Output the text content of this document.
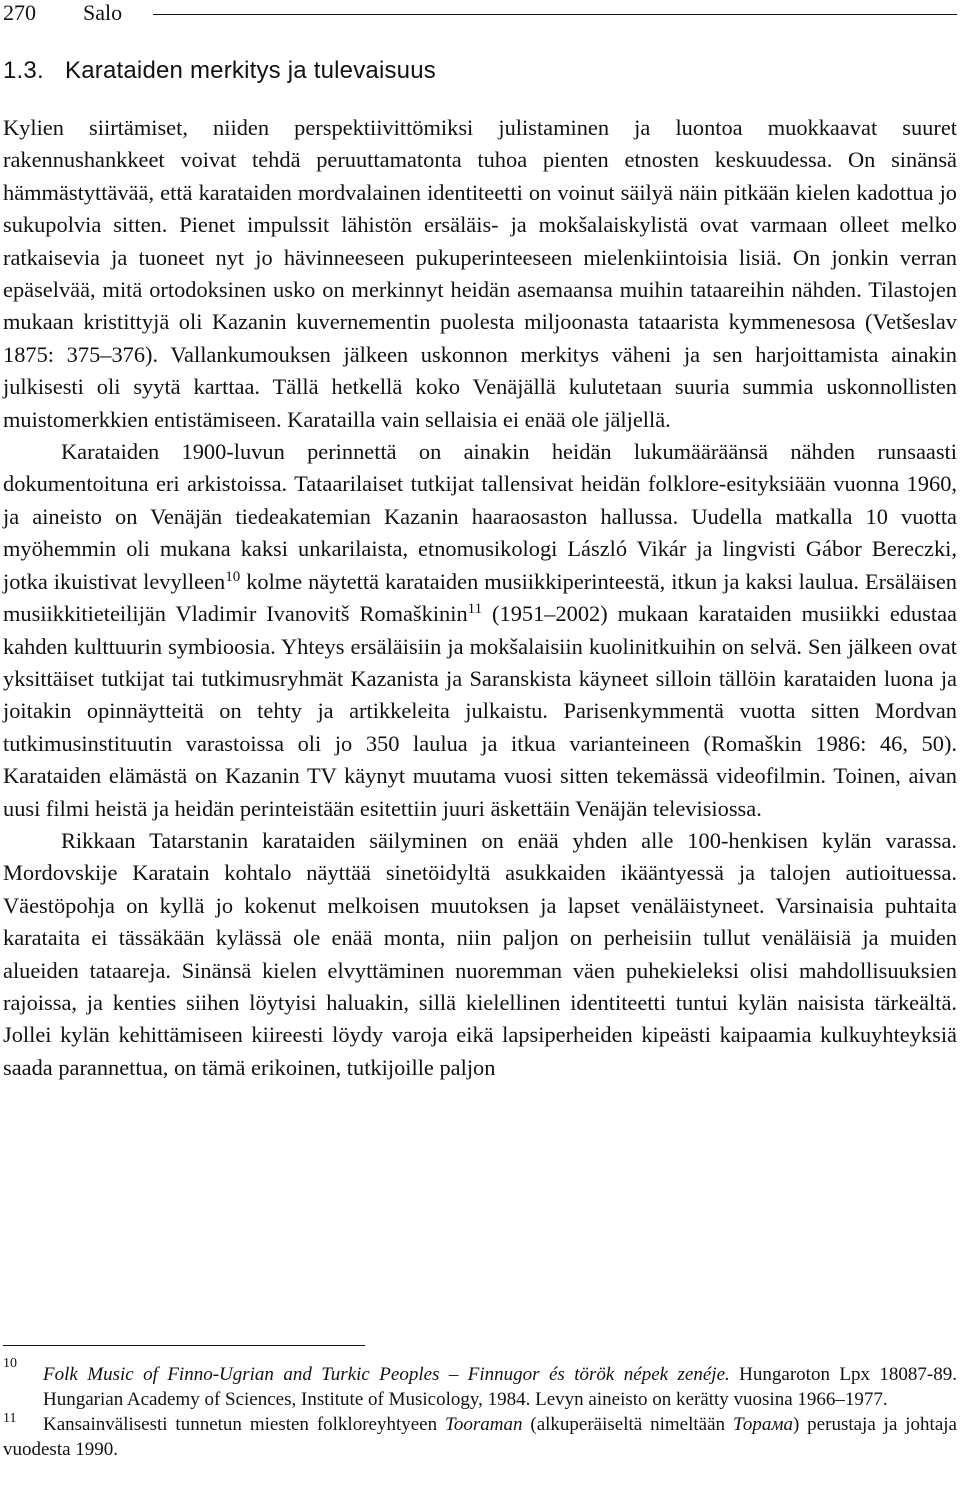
270 Salo
1.3. Karataiden merkitys ja tulevaisuus

Kylien siirtämiset, niiden perspektiivittömiksi julistaminen ja luontoa muokkaavat suuret rakennushankkeet voivat tehdä peruuttamatonta tuhoa pienten etnosten keskuudessa. On sinänsä hämmästyttävää, että karataiden mordvalainen identiteetti on voinut säilyä näin pitkään kielen kadottua jo sukupolvia sitten. Pienet impulssit lähistön ersäläis- ja mokšalaiskylistä ovat varmaan olleet melko ratkaisevia ja tuoneet nyt jo hävinneeseen pukuperinteeseen mielenkiintoisia lisiä. On jonkin verran epäselvää, mitä ortodoksinen usko on merkinnyt heidän asemaansa muihin tataareihin nähden. Tilastojen mukaan kristittyjä oli Kazanin kuvernementin puolesta miljoonasta tataarista kymmenesosa (Vetšeslav 1875: 375–376). Vallankumouksen jälkeen uskonnon merkitys väheni ja sen harjoittamista ainakin julkisesti oli syytä karttaa. Tällä hetkellä koko Venäjällä kulutetaan suuria summia uskonnollisten muistomerkkien entistämiseen. Karatailla vain sellaisia ei enää ole jäljellä.

Karataiden 1900-luvun perinnettä on ainakin heidän lukumääräänsä nähden runsaasti dokumentoituna eri arkistoissa. Tataarilaiset tutkijat tallensivat heidän folklore-esityksiään vuonna 1960, ja aineisto on Venäjän tiedeakatemian Kazanin haaraosaston hallussa. Uudella matkalla 10 vuotta myöhemmin oli mukana kaksi unkarilaista, etnomusikologi László Vikár ja lingvisti Gábor Bereczki, jotka ikuistivat levylleen$^{10}$ kolme näytettä karataiden musiikkiperinteestä, itkun ja kaksi laulua. Ersäläisen musiikkitieteilijän Vladimir Ivanovitš Romaškinin$^{11}$ (1951–2002) mukaan karataiden musiikki edustaa kahden kulttuurin symbioosia. Yhteys ersäläisiin ja mokšalaisiin kuolinitkuihin on selvä. Sen jälkeen ovat yksittäiset tutkijat tai tutkimusryhmät Kazanista ja Saranskista käyneet silloin tällöin karataiden luona ja joitakin opinnäytteitä on tehty ja artikkeleita julkaistu. Parisenkymmentä vuotta sitten Mordvan tutkimusinstituutin varastoissa oli jo 350 laulua ja itkua varianteineen (Romaškin 1986: 46, 50). Karataiden elämästä on Kazanin TV käynyt muutama vuosi sitten tekemässä videofilmin. Toinen, aivan uusi filmi heistä ja heidän perinteistään esitettiin juuri äskettäin Venäjän televisiossa.

Rikkaan Tatarstanin karataiden säilyminen on enää yhden alle 100-henkisen kylän varassa. Mordovskije Karatain kohtalo näyttää sinetöidyltä asukkaiden ikääntyessä ja talojen autioituessa. Väestöpohja on kyllä jo kokenut melkoisen muutoksen ja lapset venäläistyneet. Varsinaisia puhtaita karataita ei tässäkään kylässä ole enää monta, niin paljon on perheisiin tullut venäläisiä ja muiden alueiden tataareja. Sinänsä kielen elvyttäminen nuoremman väen puhekieleksi olisi mahdollisuuksien rajoissa, ja kenties siihen löytyisi haluakin, sillä kielellinen identiteetti tuntui kylän naisista tärkeältä. Jollei kylän kehittämiseen kiireesti löydy varoja eikä lapsiperheiden kipeästi kaipaamia kulkuyhteyksiä saada parannettua, on tämä erikoinen, tutkijoille paljon

10
Folk Music of Finno-Ugrian and Turkic Peoples – Finnugor és török népek zenéje. Hungaroton Lpx 18087-89. Hungarian Academy of Sciences, Institute of Musicology, 1984. Levyn aineisto on kerätty vuosina 1966–1977.

11 Kansainvälisesti tunnetun miesten folkloreyhtyeen Tooraman (alkuperäiseltä nimeltään Торама) perustaja ja johtaja vuodesta 1990.
